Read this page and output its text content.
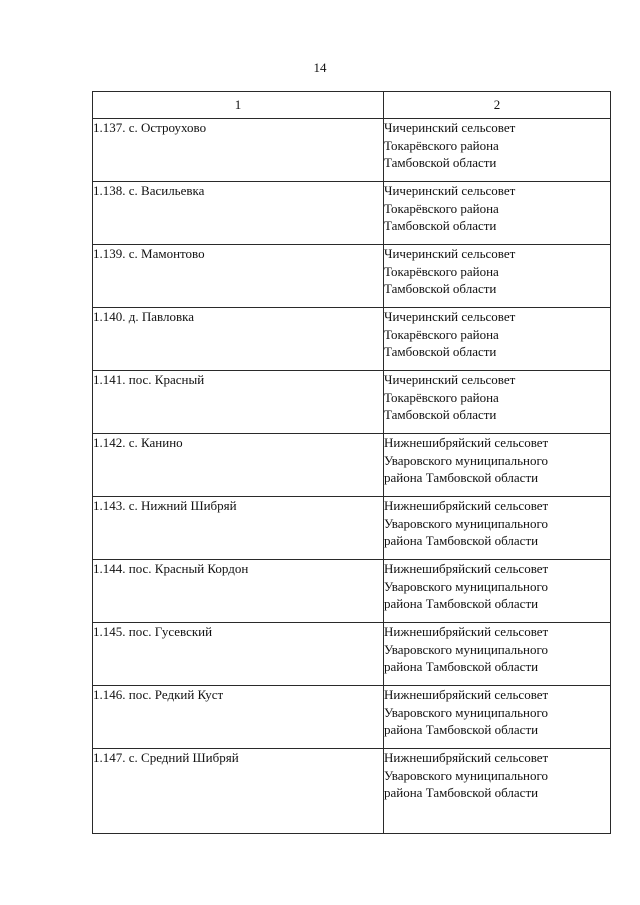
14
1	2
1.137. с. Остроухово	Чичеринский сельсовет
Токарёвского района
Тамбовской области

1.138. с. Васильевка	Чичеринский сельсовет
Токарёвского района
Тамбовской области

1.139. с. Мамонтово	Чичеринский сельсовет
Токарёвского района
Тамбовской области

1.140. д. Павловка	Чичеринский сельсовет
Токарёвского района
Тамбовской области

1.141. пос. Красный	Чичеринский сельсовет
Токарёвского района
Тамбовской области

1.142. с. Канино	Нижнешибряйский сельсовет
Уваровского муниципального
района Тамбовской области

1.143. с. Нижний Шибряй	Нижнешибряйский сельсовет
Уваровского муниципального
района Тамбовской области

1.144. пос. Красный Кордон	Нижнешибряйский сельсовет
Уваровского муниципального
района Тамбовской области

1.145. пос. Гусевский	Нижнешибряйский сельсовет
Уваровского муниципального
района Тамбовской области

1.146. пос. Редкий Куст	Нижнешибряйский сельсовет
Уваровского муниципального
района Тамбовской области

1.147. с. Средний Шибряй	Нижнешибряйский сельсовет
Уваровского муниципального
района Тамбовской области
